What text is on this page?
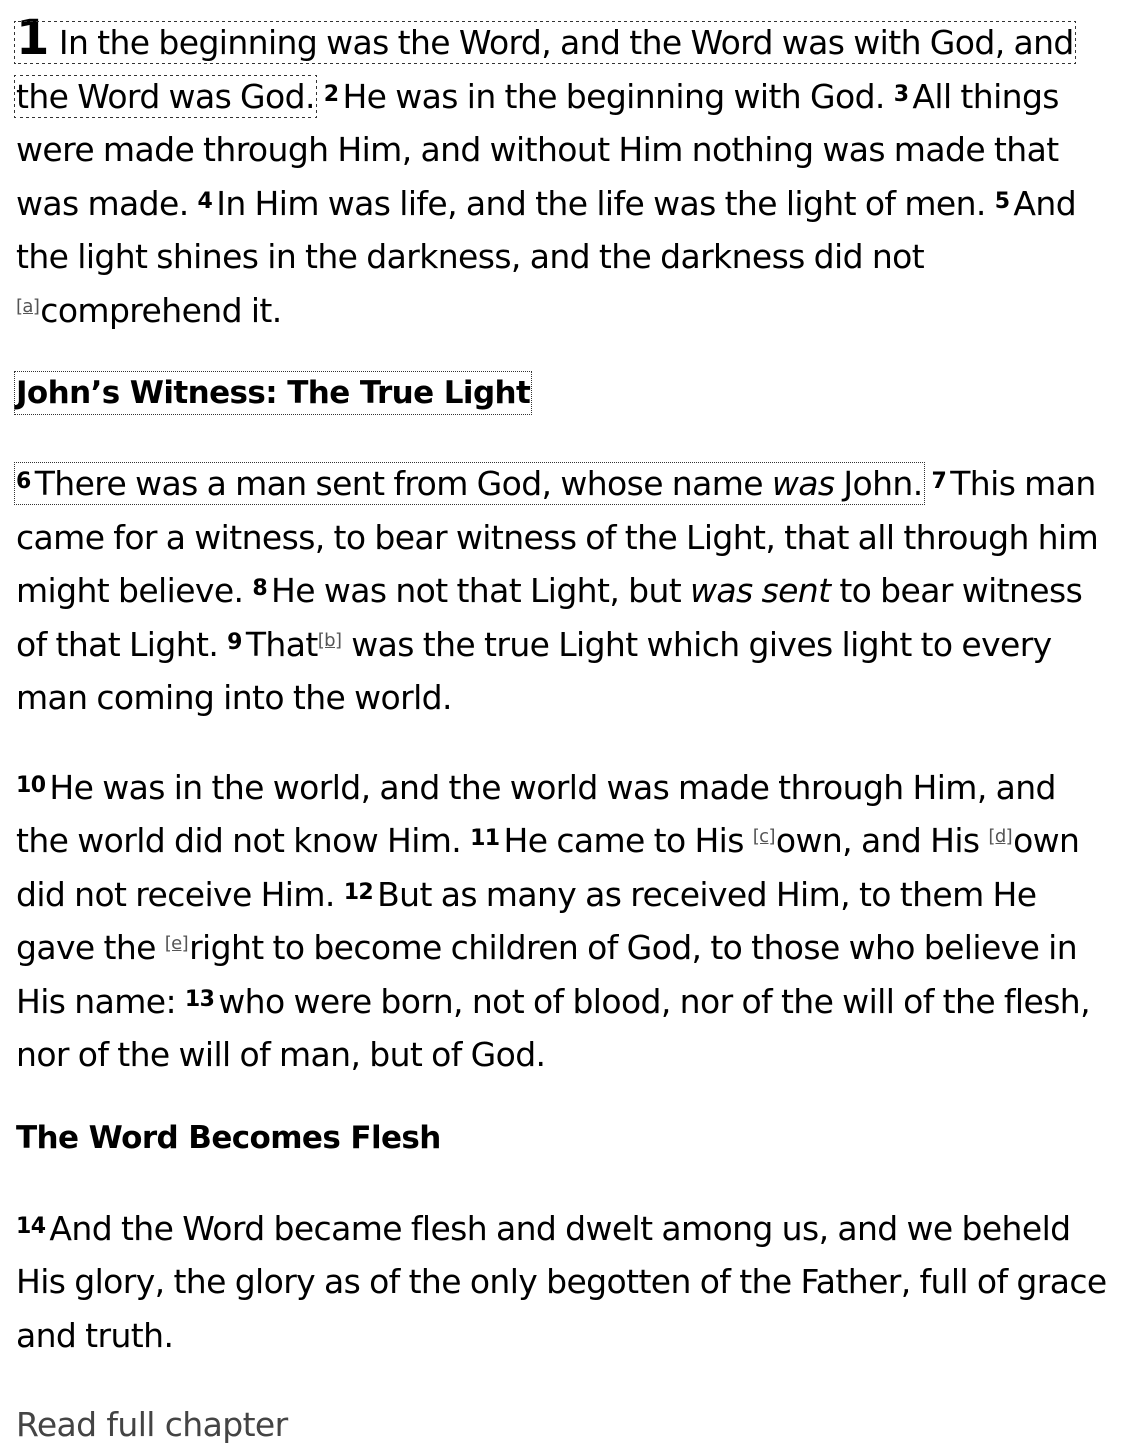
1 In the beginning was the Word, and the Word was with God, and the Word was God. $^2$ He was in the beginning with God. $^3$ All things were made through Him, and without Him nothing was made that was made. $^4$ In Him was life, and the life was the light of men. $^5$ And the light shines in the darkness, and the darkness did not [a]comprehend it.

John’s Witness: The True Light

$^6$ There was a man sent from God, whose name was John. $^7$ This man came for a witness, to bear witness of the Light, that all through him might believe. $^8$ He was not that Light, but was sent to bear witness of that Light. $^9$ That[b] was the true Light which gives light to every man coming into the world.

$^{10}$ He was in the world, and the world was made through Him, and the world did not know Him. $^{11}$ He came to His [c]own, and His [d]own did not receive Him. $^{12}$ But as many as received Him, to them He gave the [e]right to become children of God, to those who believe in His name: $^{13}$ who were born, not of blood, nor of the will of the flesh, nor of the will of man, but of God.

The Word Becomes Flesh

$^{14}$ And the Word became flesh and dwelt among us, and we beheld His glory, the glory as of the only begotten of the Father, full of grace and truth.

Read full chapter
